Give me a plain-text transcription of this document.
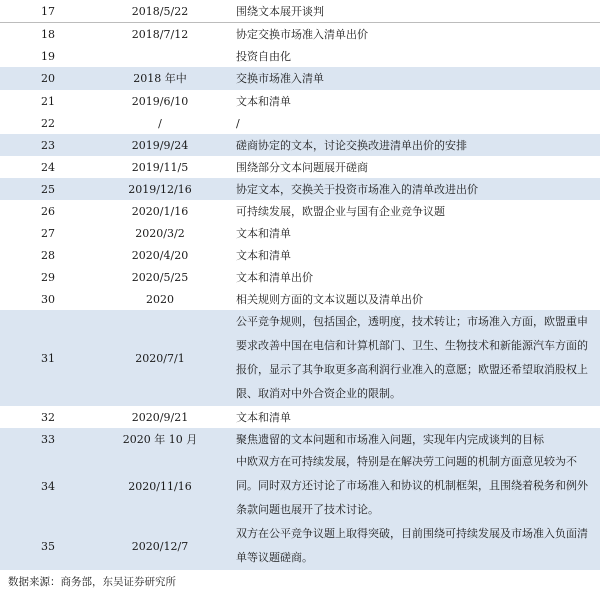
17	2018/5/22	围绕文本展开谈判
18	2018/7/12	协定交换市场准入清单出价
19		投资自由化
20	2018 年中	交换市场准入清单
21	2019/6/10	文本和清单
22	/	/
23	2019/9/24	磋商协定的文本，讨论交换改进清单出价的安排
24	2019/11/5	围绕部分文本问题展开磋商
25	2019/12/16	协定文本，交换关于投资市场准入的清单改进出价
26	2020/1/16	可持续发展，欧盟企业与国有企业竞争议题
27	2020/3/2	文本和清单
28	2020/4/20	文本和清单
29	2020/5/25	文本和清单出价
30	2020	相关规则方面的文本议题以及清单出价
31	2020/7/1	公平竞争规则，包括国企，透明度，技术转让；市场准入方面，欧盟重申要求改善中国在电信和计算机部门、卫生、生物技术和新能源汽车方面的报价，显示了其争取更多高利润行业准入的意愿；欧盟还希望取消股权上限、取消对中外合资企业的限制。
32	2020/9/21	文本和清单
33	2020 年 10 月	聚焦遗留的文本问题和市场准入问题，实现年内完成谈判的目标
34	2020/11/16	中欧双方在可持续发展，特别是在解决劳工问题的机制方面意见较为不同。同时双方还讨论了市场准入和协议的机制框架，且围绕着税务和例外条款问题也展开了技术讨论。
35	2020/12/7	双方在公平竞争议题上取得突破，目前围绕可持续发展及市场准入负面清单等议题磋商。
数据来源：商务部，东吴证券研究所
